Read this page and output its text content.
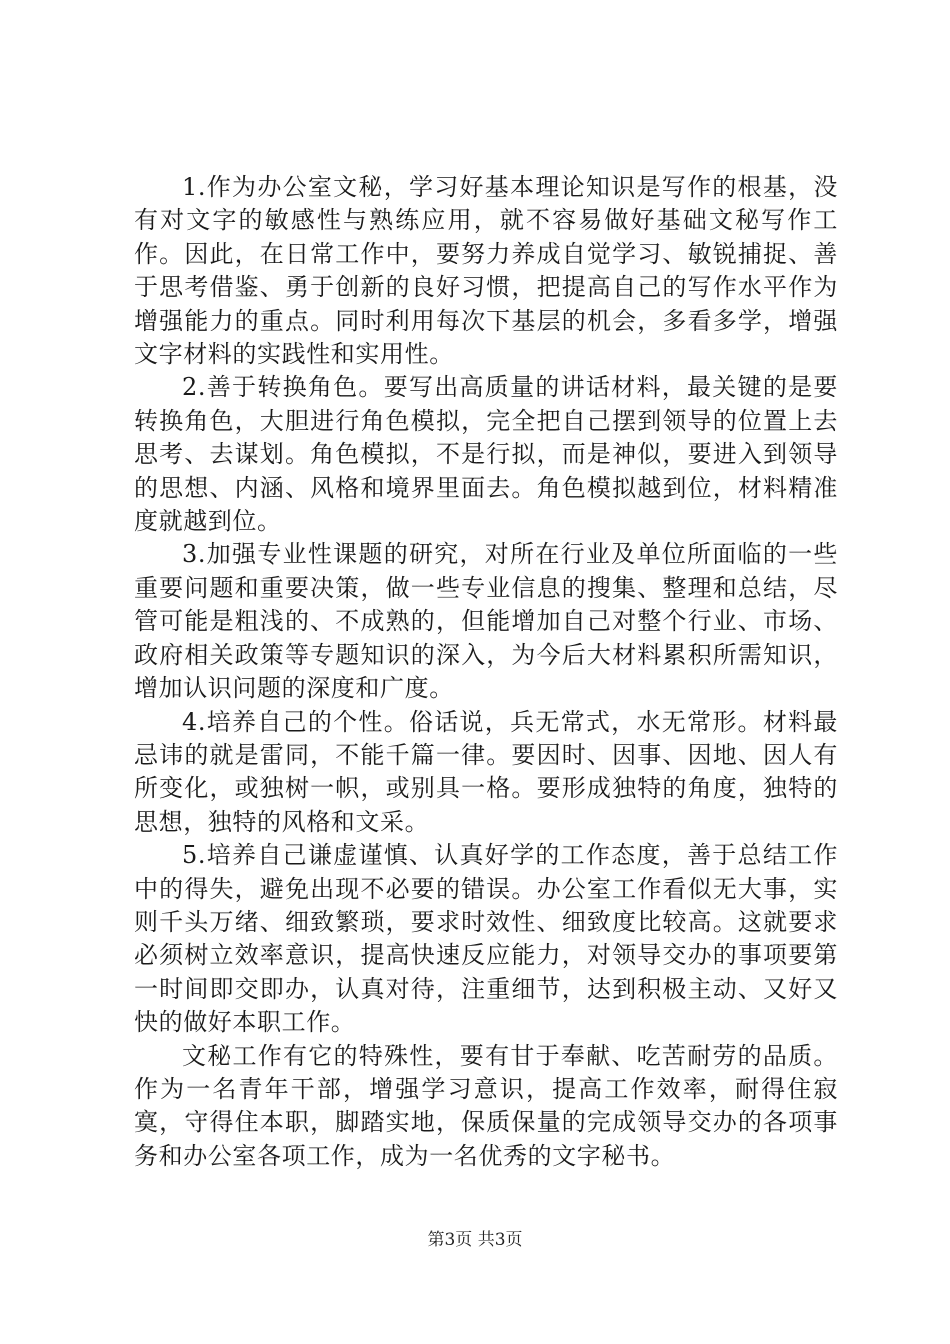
1.作为办公室文秘，学习好基本理论知识是写作的根基，没有对文字的敏感性与熟练应用，就不容易做好基础文秘写作工作。因此，在日常工作中，要努力养成自觉学习、敏锐捕捉、善于思考借鉴、勇于创新的良好习惯，把提高自己的写作水平作为增强能力的重点。同时利用每次下基层的机会，多看多学，增强文字材料的实践性和实用性。

2.善于转换角色。要写出高质量的讲话材料，最关键的是要转换角色，大胆进行角色模拟，完全把自己摆到领导的位置上去思考、去谋划。角色模拟，不是行拟，而是神似，要进入到领导的思想、内涵、风格和境界里面去。角色模拟越到位，材料精准度就越到位。

3.加强专业性课题的研究，对所在行业及单位所面临的一些重要问题和重要决策，做一些专业信息的搜集、整理和总结，尽管可能是粗浅的、不成熟的，但能增加自己对整个行业、市场、政府相关政策等专题知识的深入，为今后大材料累积所需知识，增加认识问题的深度和广度。

4.培养自己的个性。俗话说，兵无常式，水无常形。材料最忌讳的就是雷同，不能千篇一律。要因时、因事、因地、因人有所变化，或独树一帜，或别具一格。要形成独特的角度，独特的思想，独特的风格和文采。

5.培养自己谦虚谨慎、认真好学的工作态度，善于总结工作中的得失，避免出现不必要的错误。办公室工作看似无大事，实则千头万绪、细致繁琐，要求时效性、细致度比较高。这就要求必须树立效率意识，提高快速反应能力，对领导交办的事项要第一时间即交即办，认真对待，注重细节，达到积极主动、又好又快的做好本职工作。

文秘工作有它的特殊性，要有甘于奉献、吃苦耐劳的品质。作为一名青年干部，增强学习意识，提高工作效率，耐得住寂寞，守得住本职，脚踏实地，保质保量的完成领导交办的各项事务和办公室各项工作，成为一名优秀的文字秘书。

第3页 共3页
